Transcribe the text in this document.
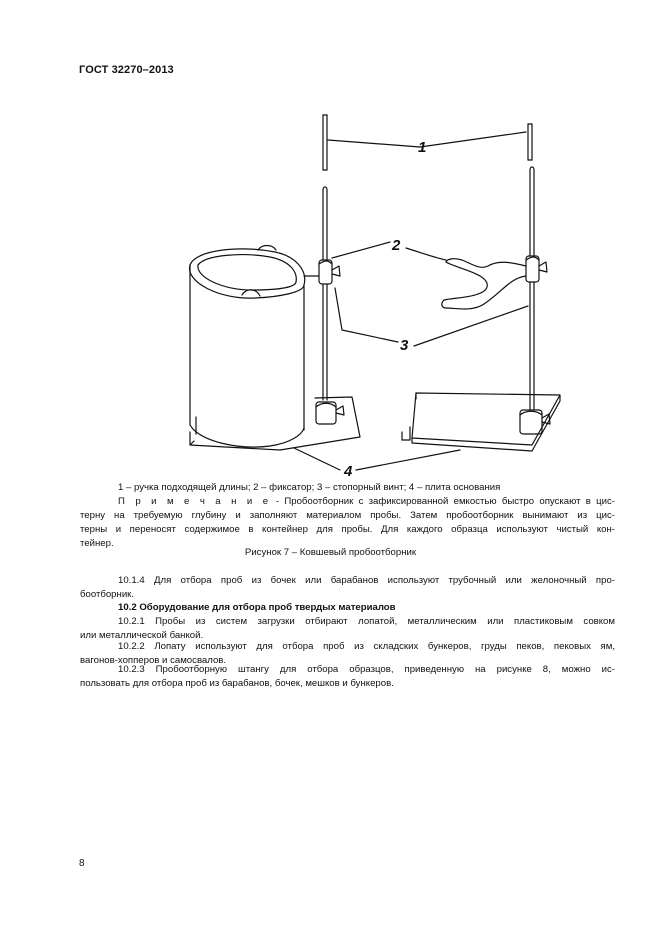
ГОСТ 32270–2013
1
2
3
4
1 – ручка подходящей длины; 2 – фиксатор; 3 – стопорный винт; 4 – плита основания
П р и м е ч а н и е - Пробоотборник с зафиксированной емкостью быстро опускают в цис-
терну на требуемую глубину и заполняют материалом пробы. Затем пробоотборник вынимают из цис-
терны и переносят содержимое в контейнер для пробы. Для каждого образца используют чистый кон-
тейнер.
Рисунок 7 – Ковшевый пробоотборник
10.1.4 Для отбора проб из бочек или барабанов используют трубочный или желоночный про-
боотборник.
10.2 Оборудование для отбора проб твердых материалов
10.2.1 Пробы из систем загрузки отбирают лопатой, металлическим или пластиковым совком
или металлической банкой.
10.2.2 Лопату используют для отбора проб из складских бункеров, груды пеков, пековых ям,
вагонов-хопперов и самосвалов.
10.2.3 Пробоотборную штангу для отбора образцов, приведенную на рисунке 8, можно ис-
пользовать для отбора проб из барабанов, бочек, мешков и бункеров.
8
